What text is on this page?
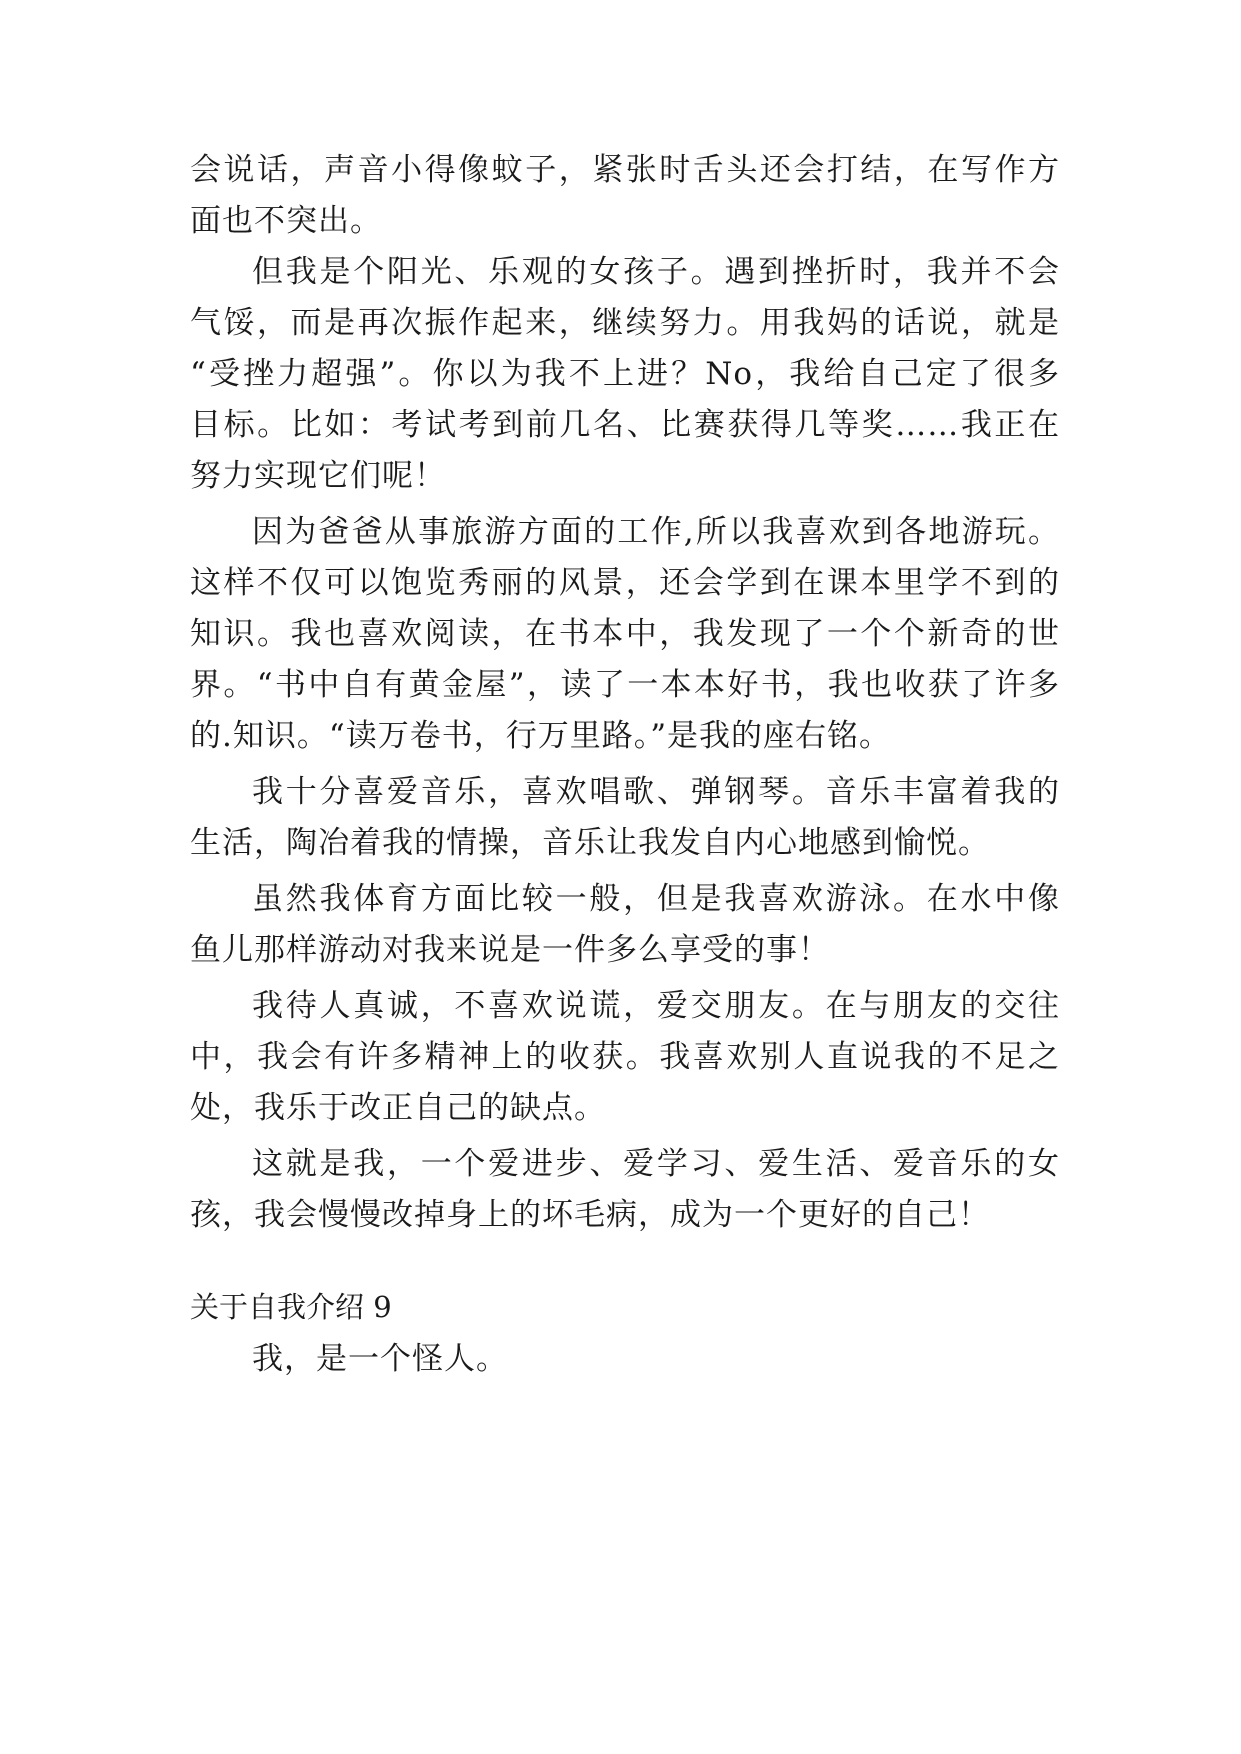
会说话，声音小得像蚊子，紧张时舌头还会打结，在写作方
面也不突出。
但我是个阳光、乐观的女孩子。遇到挫折时，我并不会
气馁，而是再次振作起来，继续努力。用我妈的话说，就是
“受挫力超强”。你以为我不上进？No，我给自己定了很多
目标。比如：考试考到前几名、比赛获得几等奖……我正在
努力实现它们呢！
因为爸爸从事旅游方面的工作,所以我喜欢到各地游玩。
这样不仅可以饱览秀丽的风景，还会学到在课本里学不到的
知识。我也喜欢阅读，在书本中，我发现了一个个新奇的世
界。“书中自有黄金屋”，读了一本本好书，我也收获了许多
的.知识。“读万卷书，行万里路。”是我的座右铭。
我十分喜爱音乐，喜欢唱歌、弹钢琴。音乐丰富着我的
生活，陶冶着我的情操，音乐让我发自内心地感到愉悦。
虽然我体育方面比较一般，但是我喜欢游泳。在水中像
鱼儿那样游动对我来说是一件多么享受的事！
我待人真诚，不喜欢说谎，爱交朋友。在与朋友的交往
中，我会有许多精神上的收获。我喜欢别人直说我的不足之
处，我乐于改正自己的缺点。
这就是我，一个爱进步、爱学习、爱生活、爱音乐的女
孩，我会慢慢改掉身上的坏毛病，成为一个更好的自己！
关于自我介绍 9
我，是一个怪人。
